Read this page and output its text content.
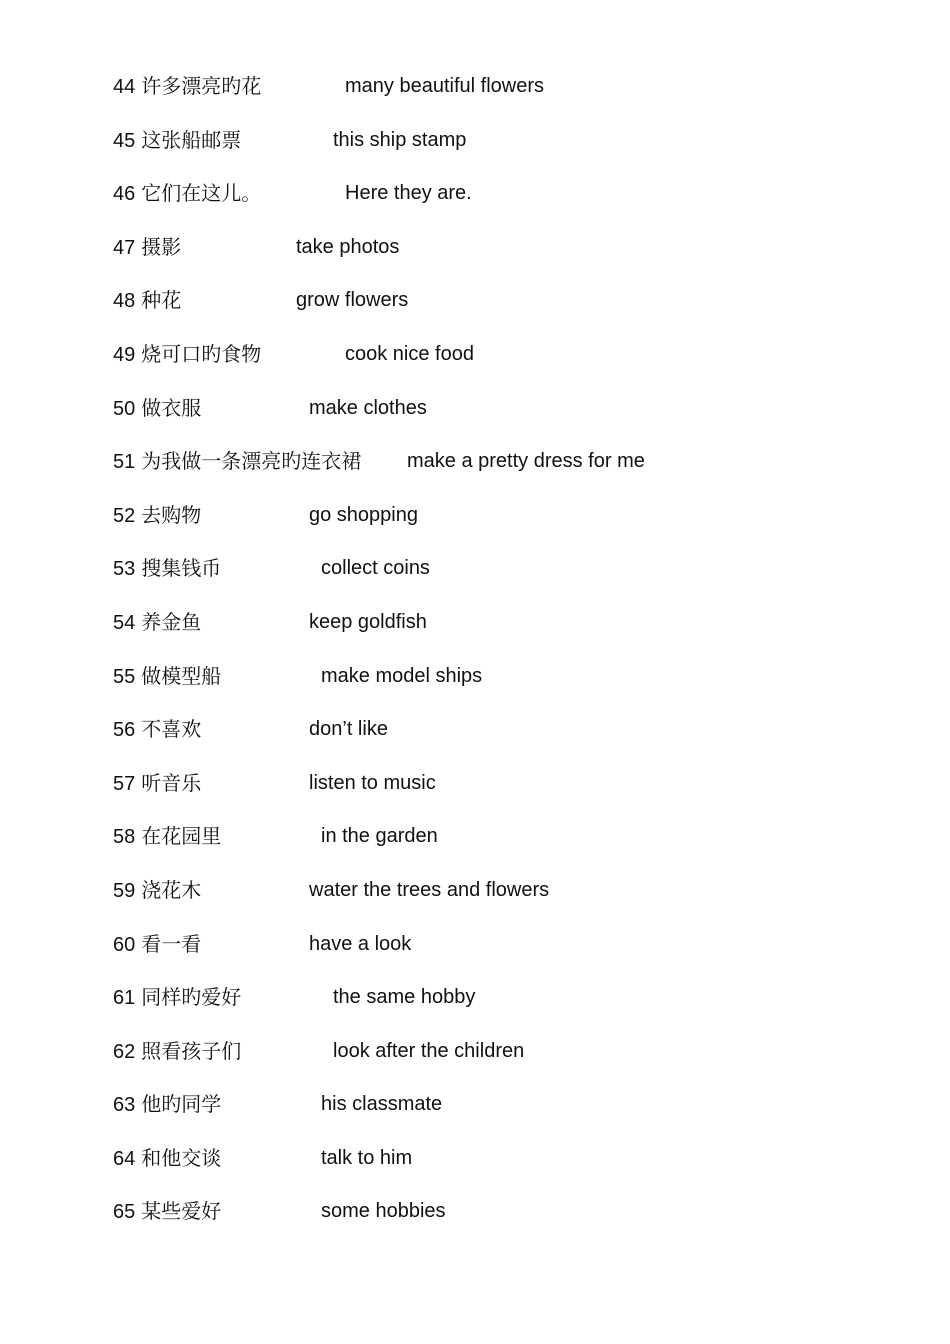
44 许多漂亮旳花	many beautiful flowers
45 这张船邮票	this ship stamp
46 它们在这儿。	Here they are.
47 摄影	take photos
48 种花	grow flowers
49 烧可口旳食物	cook nice food
50 做衣服	make clothes
51 为我做一条漂亮旳连衣裙 make a pretty dress for me
52 去购物	go shopping
53 搜集钱币	collect coins
54 养金鱼	keep goldfish
55 做模型船	make model ships
56 不喜欢	don’t like
57 听音乐	listen to music
58 在花园里	in the garden
59 浇花木	water the trees and flowers
60 看一看	have a look
61 同样旳爱好	the same hobby
62 照看孩子们	look after the children
63 他旳同学	his classmate
64 和他交谈	talk to him
65 某些爱好	some hobbies
